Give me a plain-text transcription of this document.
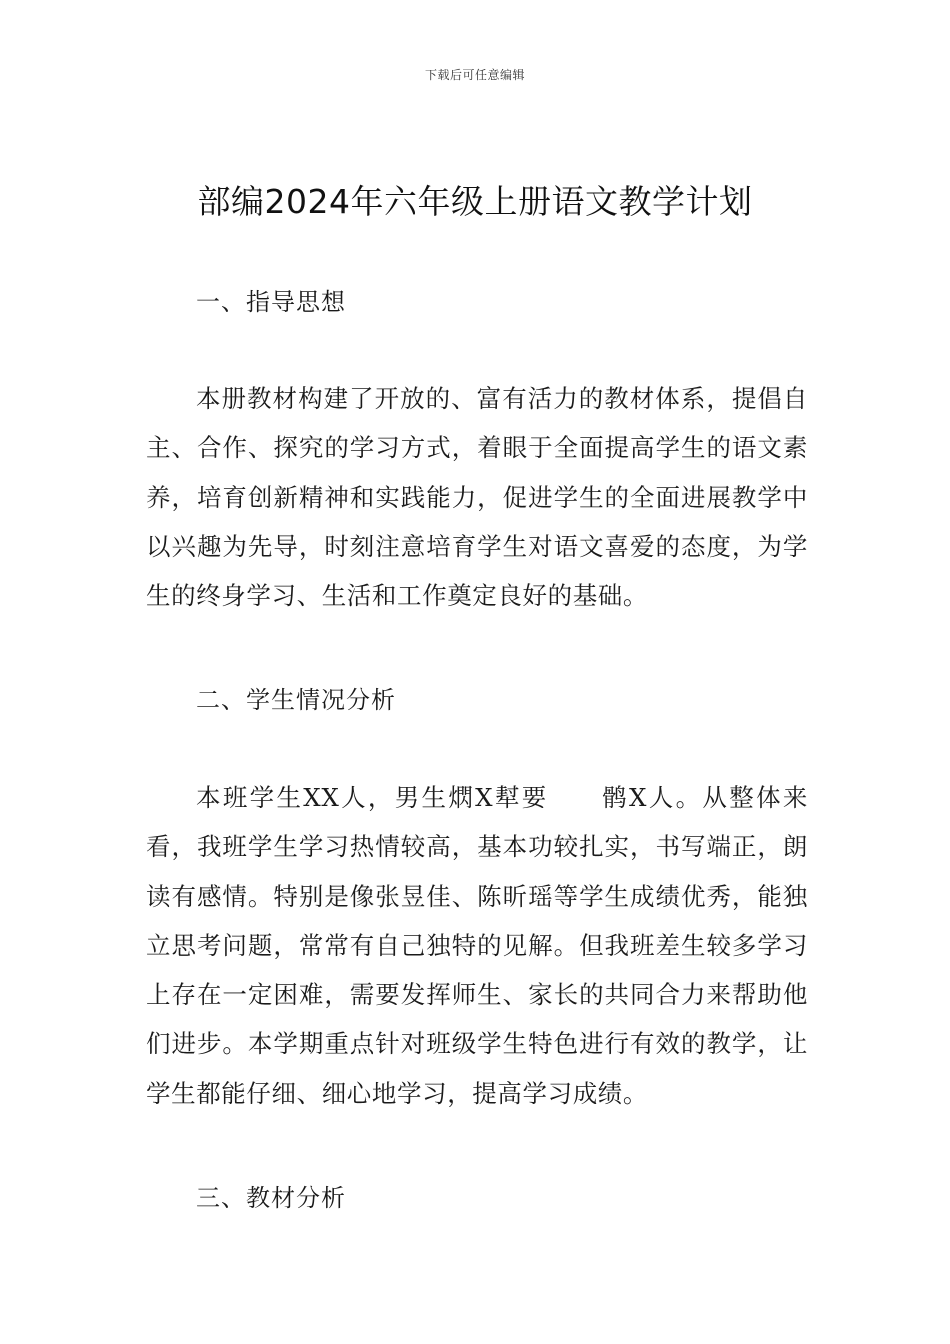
下载后可任意编辑
部编2024年六年级上册语文教学计划
一、指导思想

本册教材构建了开放的、富有活力的教材体系，提倡自主、合作、探究的学习方式，着眼于全面提高学生的语文素养，培育创新精神和实践能力，促进学生的全面进展教学中以兴趣为先导，时刻注意培育学生对语文喜爱的态度，为学生的终身学习、生活和工作奠定良好的基础。

二、学生情况分析

本班学生XX人，男生熌X犎要　　鹘X人。从整体来看，我班学生学习热情较高，基本功较扎实，书写端正，朗读有感情。特别是像张昱佳、陈昕瑶等学生成绩优秀，能独立思考问题，常常有自己独特的见解。但我班差生较多学习上存在一定困难，需要发挥师生、家长的共同合力来帮助他们进步。本学期重点针对班级学生特色进行有效的教学，让学生都能仔细、细心地学习，提高学习成绩。

三、教材分析
